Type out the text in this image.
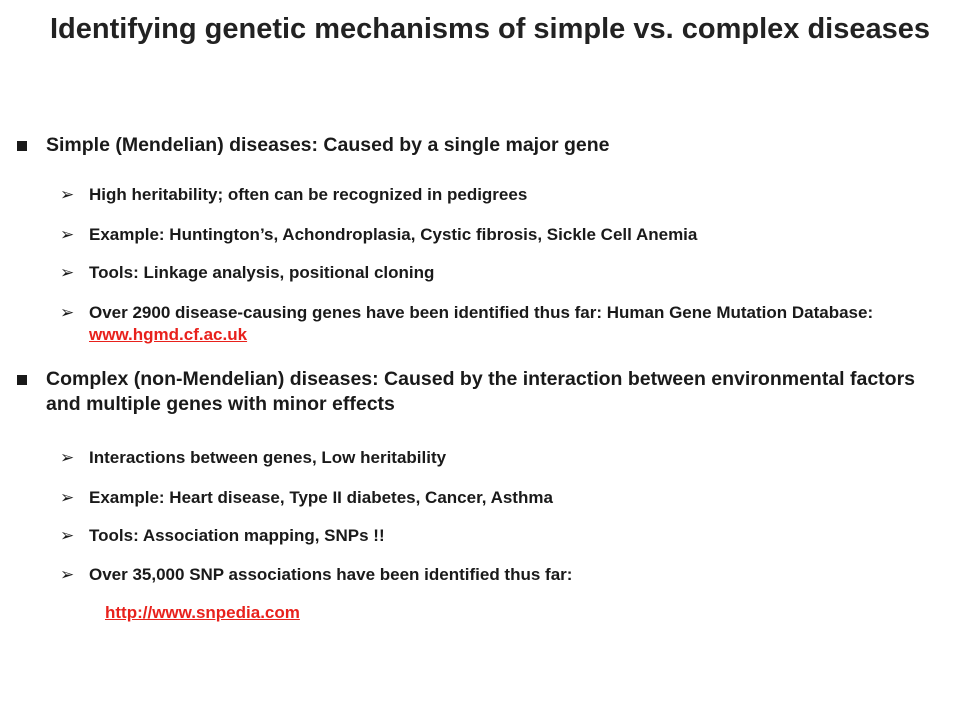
Identifying genetic mechanisms of simple vs. complex diseases
Simple (Mendelian) diseases: Caused by a single major gene
➢ High heritability; often can be recognized in pedigrees
➢ Example: Huntington’s, Achondroplasia, Cystic fibrosis, Sickle Cell Anemia
➢ Tools: Linkage analysis, positional cloning
➢ Over 2900 disease-causing genes have been identified thus far: Human Gene Mutation Database: www.hgmd.cf.ac.uk
Complex (non-Mendelian) diseases: Caused by the interaction between environmental factors and multiple genes with minor effects
➢ Interactions between genes, Low heritability
➢ Example: Heart disease, Type II diabetes, Cancer, Asthma
➢ Tools: Association mapping, SNPs !!
➢ Over 35,000 SNP associations have been identified thus far:
http://www.snpedia.com
